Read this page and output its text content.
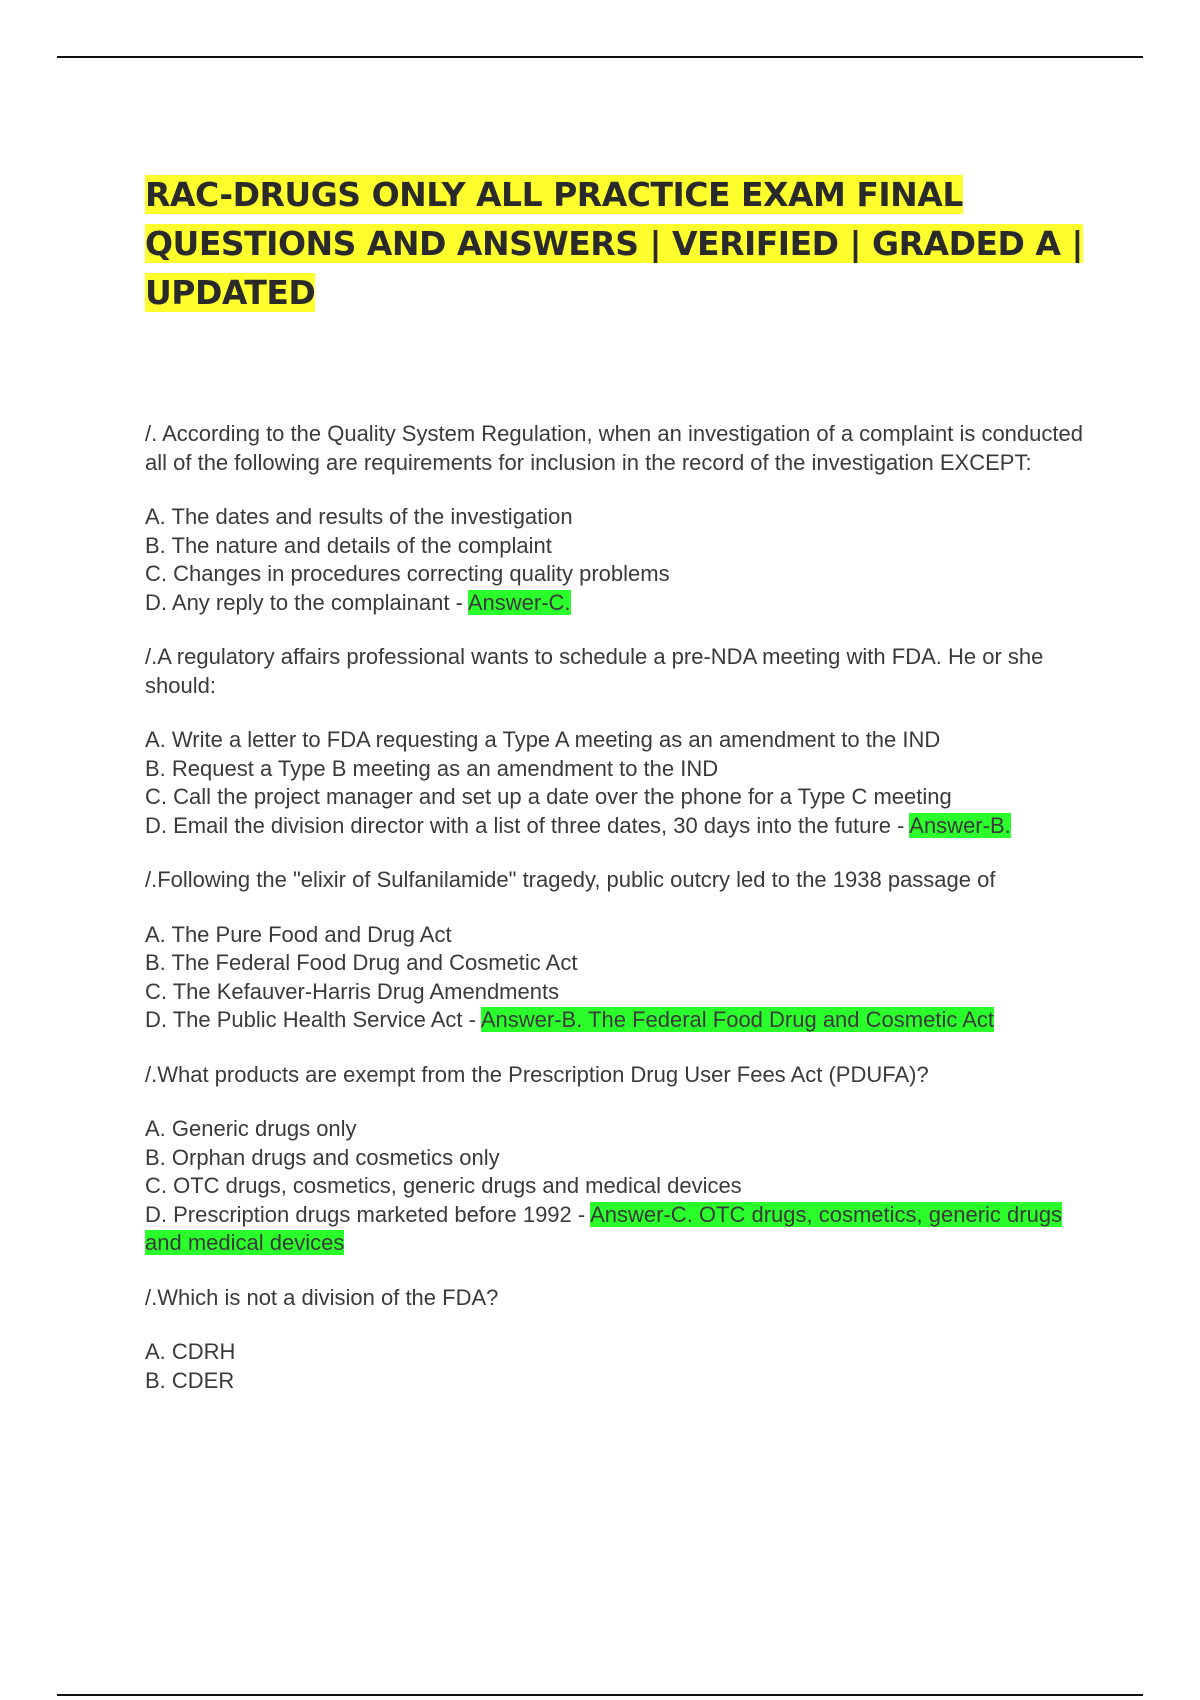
RAC-DRUGS ONLY ALL PRACTICE EXAM FINAL QUESTIONS AND ANSWERS | VERIFIED | GRADED A | UPDATED
/. According to the Quality System Regulation, when an investigation of a complaint is conducted all of the following are requirements for inclusion in the record of the investigation EXCEPT:
A. The dates and results of the investigation
B. The nature and details of the complaint
C. Changes in procedures correcting quality problems
D. Any reply to the complainant - Answer-C.
/.A regulatory affairs professional wants to schedule a pre-NDA meeting with FDA. He or she should:
A. Write a letter to FDA requesting a Type A meeting as an amendment to the IND
B. Request a Type B meeting as an amendment to the IND
C. Call the project manager and set up a date over the phone for a Type C meeting
D. Email the division director with a list of three dates, 30 days into the future - Answer-B.
/.Following the "elixir of Sulfanilamide" tragedy, public outcry led to the 1938 passage of
A. The Pure Food and Drug Act
B. The Federal Food Drug and Cosmetic Act
C. The Kefauver-Harris Drug Amendments
D. The Public Health Service Act - Answer-B. The Federal Food Drug and Cosmetic Act
/.What products are exempt from the Prescription Drug User Fees Act (PDUFA)?
A. Generic drugs only
B. Orphan drugs and cosmetics only
C. OTC drugs, cosmetics, generic drugs and medical devices
D. Prescription drugs marketed before 1992 - Answer-C. OTC drugs, cosmetics, generic drugs and medical devices
/.Which is not a division of the FDA?
A. CDRH
B. CDER
